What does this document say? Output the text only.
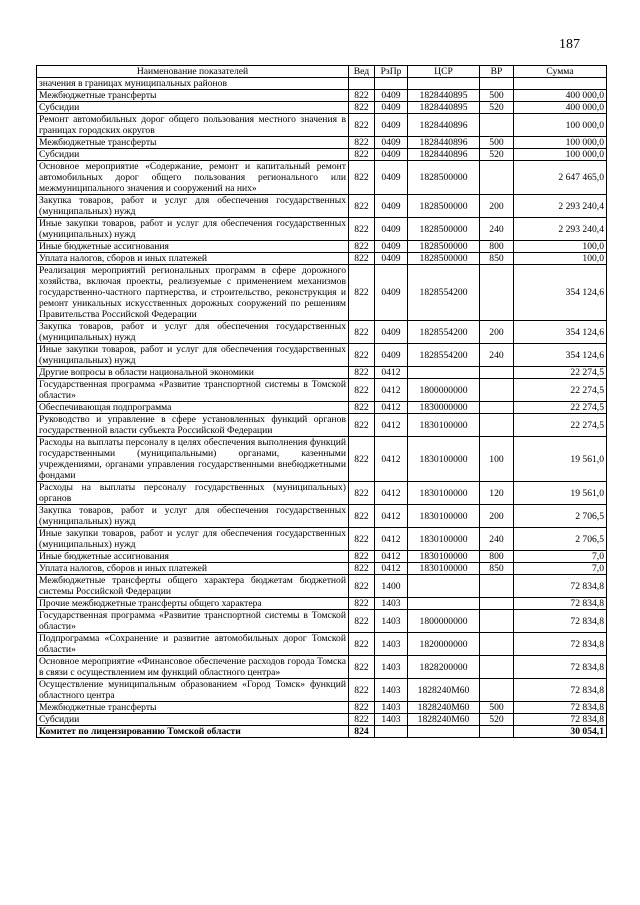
187
Наименование показателей	Вед	РзПр	ЦСР	ВР	Сумма
значения в границах муниципальных районов					
Межбюджетные трансферты	822	0409	1828440895	500	400 000,0
Субсидии	822	0409	1828440895	520	400 000,0
Ремонт автомобильных дорог общего пользования местного значения в границах городских округов	822	0409	1828440896		100 000,0
Межбюджетные трансферты	822	0409	1828440896	500	100 000,0
Субсидии	822	0409	1828440896	520	100 000,0
Основное мероприятие «Содержание, ремонт и капитальный ремонт автомобильных дорог общего пользования регионального или межмуниципального значения и сооружений на них»	822	0409	1828500000		2 647 465,0
Закупка товаров, работ и услуг для обеспечения государственных (муниципальных) нужд	822	0409	1828500000	200	2 293 240,4
Иные закупки товаров, работ и услуг для обеспечения государственных (муниципальных) нужд	822	0409	1828500000	240	2 293 240,4
Иные бюджетные ассигнования	822	0409	1828500000	800	100,0
Уплата налогов, сборов и иных платежей	822	0409	1828500000	850	100,0
Реализация мероприятий региональных программ в сфере дорожного хозяйства, включая проекты, реализуемые с применением механизмов государственно-частного партнерства, и строительство, реконструкция и ремонт уникальных искусственных дорожных сооружений по решениям Правительства Российской Федерации	822	0409	1828554200		354 124,6
Закупка товаров, работ и услуг для обеспечения государственных (муниципальных) нужд	822	0409	1828554200	200	354 124,6
Иные закупки товаров, работ и услуг для обеспечения государственных (муниципальных) нужд	822	0409	1828554200	240	354 124,6
Другие вопросы в области национальной экономики	822	0412			22 274,5
Государственная программа «Развитие транспортной системы в Томской области»	822	0412	1800000000		22 274,5
Обеспечивающая подпрограмма	822	0412	1830000000		22 274,5
Руководство и управление в сфере установленных функций органов государственной власти субъекта Российской Федерации	822	0412	1830100000		22 274,5
Расходы на выплаты персоналу в целях обеспечения выполнения функций государственными (муниципальными) органами, казенными учреждениями, органами управления государственными внебюджетными фондами	822	0412	1830100000	100	19 561,0
Расходы на выплаты персоналу государственных (муниципальных) органов	822	0412	1830100000	120	19 561,0
Закупка товаров, работ и услуг для обеспечения государственных (муниципальных) нужд	822	0412	1830100000	200	2 706,5
Иные закупки товаров, работ и услуг для обеспечения государственных (муниципальных) нужд	822	0412	1830100000	240	2 706,5
Иные бюджетные ассигнования	822	0412	1830100000	800	7,0
Уплата налогов, сборов и иных платежей	822	0412	1830100000	850	7,0
Межбюджетные трансферты общего характера бюджетам бюджетной системы Российской Федерации	822	1400			72 834,8
Прочие межбюджетные трансферты общего характера	822	1403			72 834,8
Государственная программа «Развитие транспортной системы в Томской области»	822	1403	1800000000		72 834,8
Подпрограмма «Сохранение и развитие автомобильных дорог Томской области»	822	1403	1820000000		72 834,8
Основное мероприятие «Финансовое обеспечение расходов города Томска в связи с осуществлением им функций областного центра»	822	1403	1828200000		72 834,8
Осуществление муниципальным образованием «Город Томск» функций областного центра	822	1403	1828240М60		72 834,8
Межбюджетные трансферты	822	1403	1828240М60	500	72 834,8
Субсидии	822	1403	1828240М60	520	72 834,8
Комитет по лицензированию Томской области	824				30 054,1
